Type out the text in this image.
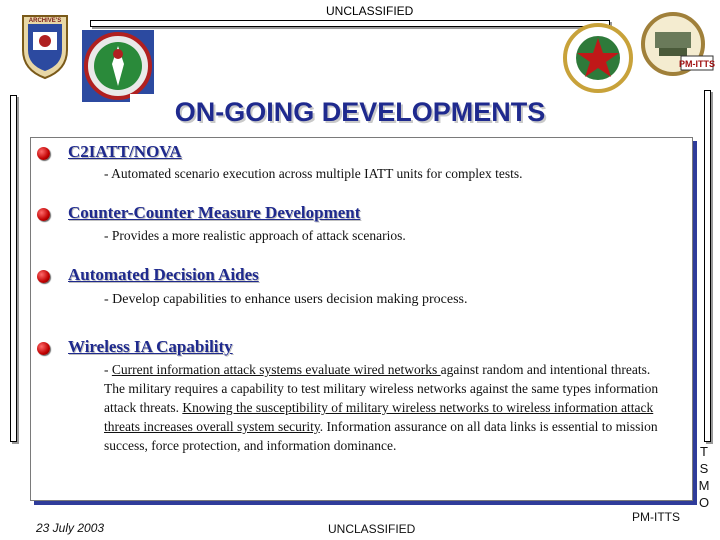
UNCLASSIFIED
ARCHIVE'S
PM-ITTS
ON-GOING DEVELOPMENTS
C2IATT/NOVA
- Automated scenario execution across multiple IATT units for complex tests.
Counter-Counter Measure Development
- Provides a more realistic approach of attack scenarios.
Automated Decision Aides
- Develop capabilities to enhance users decision making process.
Wireless IA Capability
- Current information attack systems evaluate wired networks against random and intentional threats. The military requires a capability to test military wireless networks against the same types information attack threats. Knowing the susceptibility of military wireless networks to wireless information attack threats increases overall system security. Information assurance on all data links is essential to mission success, force protection, and information dominance.	T
S
M
O
23 July 2003	UNCLASSIFIED
PM-ITTS
